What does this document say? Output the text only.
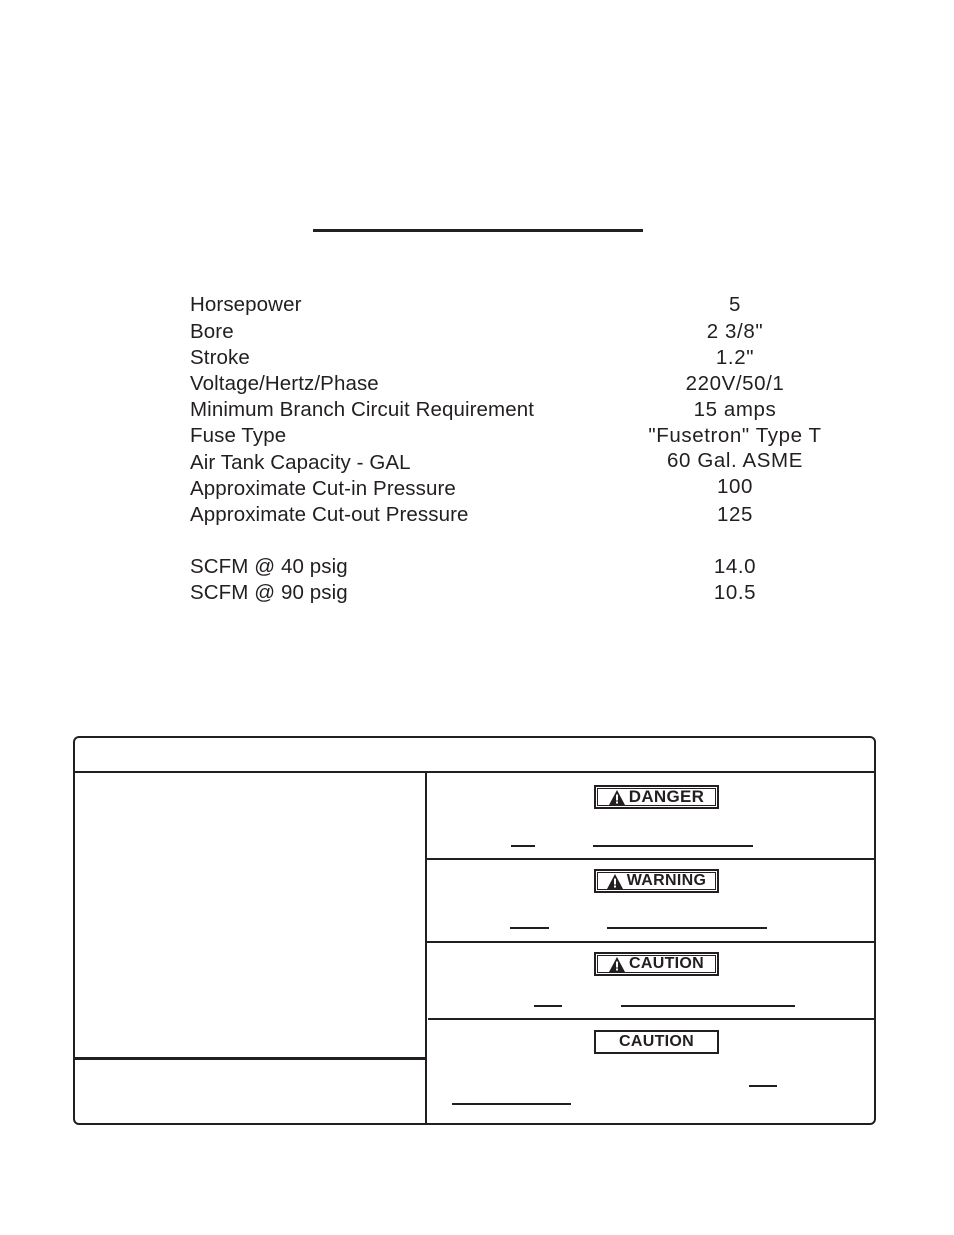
Horsepower	5
Bore	2 3/8"
Stroke	1.2"
Voltage/Hertz/Phase	220V/50/1
Minimum Branch Circuit Requirement	15 amps
Fuse Type	"Fusetron" Type T
Air Tank Capacity - GAL	60 Gal. ASME
Approximate Cut-in Pressure	100
Approximate Cut-out Pressure	125
SCFM @ 40 psig	14.0
SCFM @ 90 psig	10.5
DANGER
WARNING
CAUTION
CAUTION
